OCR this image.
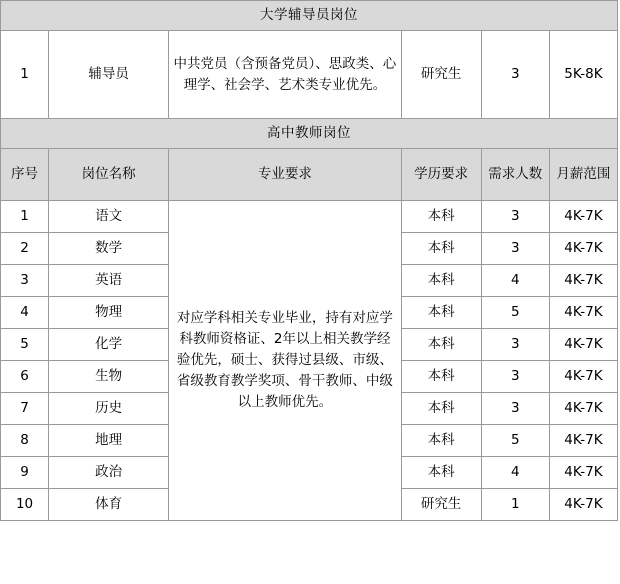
大学辅导员岗位					
1	辅导员	中共党员（含预备党员）、思政类、心理学、社会学、艺术类专业优先。	研究生	3	5K-8K
高中教师岗位					
序号	岗位名称	专业要求	学历要求	需求人数	月薪范围
1	语文	对应学科相关专业毕业，持有对应学科教师资格证、2年以上相关教学经验优先，硕士、获得过县级、市级、省级教育教学奖项、骨干教师、中级以上教师优先。	本科	3	4K-7K
2	数学		本科	3	4K-7K
3	英语		本科	4	4K-7K
4	物理		本科	5	4K-7K
5	化学		本科	3	4K-7K
6	生物		本科	3	4K-7K
7	历史		本科	3	4K-7K
8	地理		本科	5	4K-7K
9	政治		本科	4	4K-7K
10	体育		研究生	1	4K-7K
